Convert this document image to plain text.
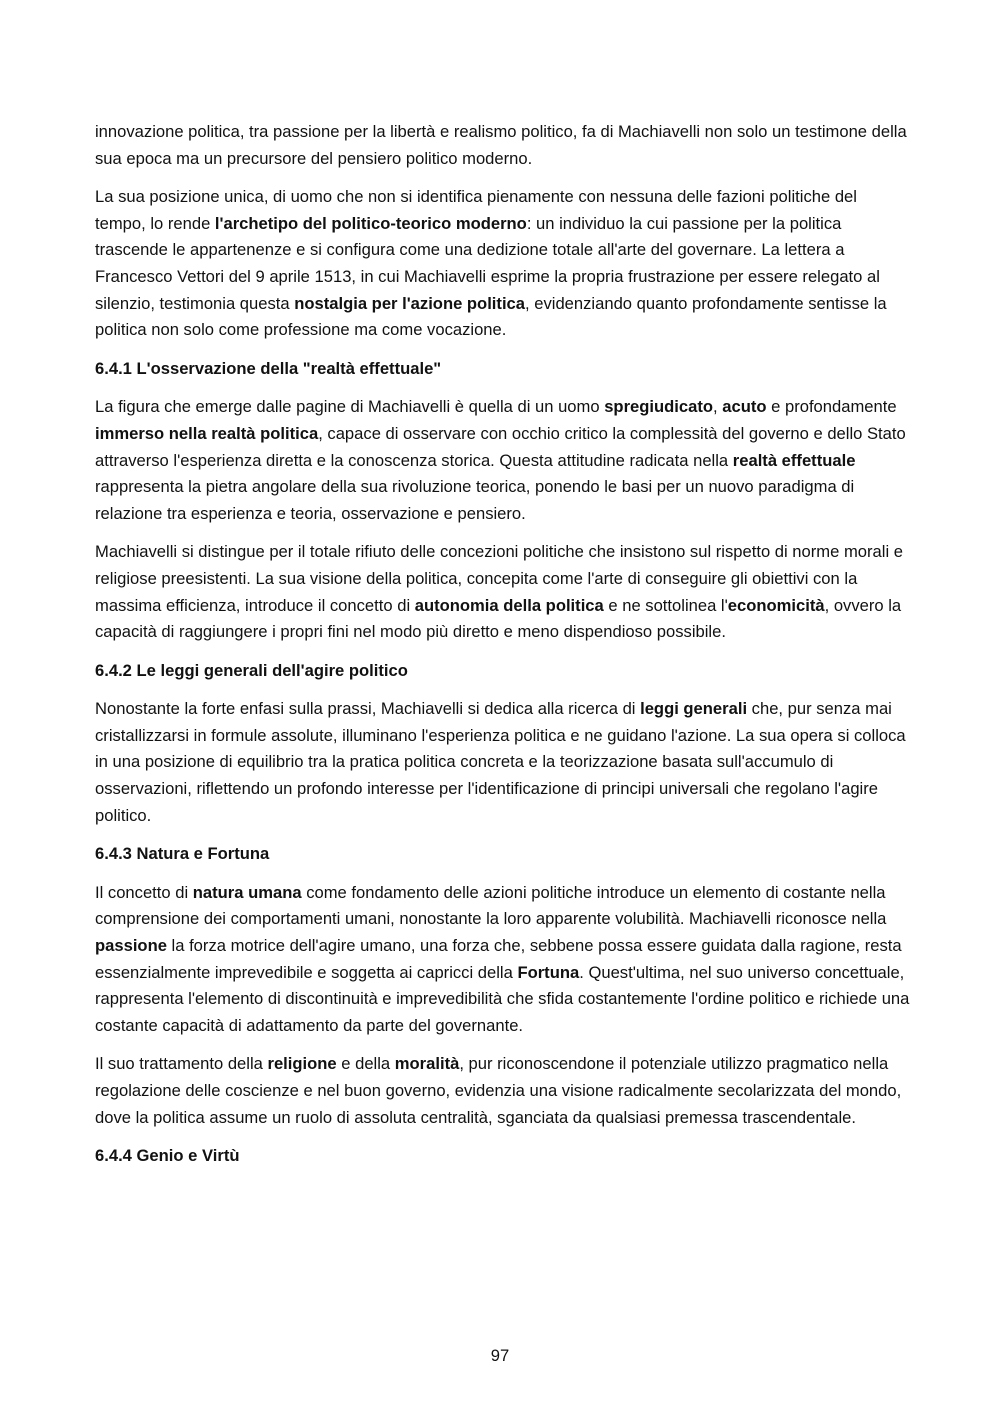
innovazione politica, tra passione per la libertà e realismo politico, fa di Machiavelli non solo un testimone della sua epoca ma un precursore del pensiero politico moderno.

La sua posizione unica, di uomo che non si identifica pienamente con nessuna delle fazioni politiche del tempo, lo rende l'archetipo del politico-teorico moderno: un individuo la cui passione per la politica trascende le appartenenze e si configura come una dedizione totale all'arte del governare. La lettera a Francesco Vettori del 9 aprile 1513, in cui Machiavelli esprime la propria frustrazione per essere relegato al silenzio, testimonia questa nostalgia per l'azione politica, evidenziando quanto profondamente sentisse la politica non solo come professione ma come vocazione.

6.4.1 L'osservazione della "realtà effettuale"

La figura che emerge dalle pagine di Machiavelli è quella di un uomo spregiudicato, acuto e profondamente immerso nella realtà politica, capace di osservare con occhio critico la complessità del governo e dello Stato attraverso l'esperienza diretta e la conoscenza storica. Questa attitudine radicata nella realtà effettuale rappresenta la pietra angolare della sua rivoluzione teorica, ponendo le basi per un nuovo paradigma di relazione tra esperienza e teoria, osservazione e pensiero.

Machiavelli si distingue per il totale rifiuto delle concezioni politiche che insistono sul rispetto di norme morali e religiose preesistenti. La sua visione della politica, concepita come l'arte di conseguire gli obiettivi con la massima efficienza, introduce il concetto di autonomia della politica e ne sottolinea l'economicità, ovvero la capacità di raggiungere i propri fini nel modo più diretto e meno dispendioso possibile.

6.4.2 Le leggi generali dell'agire politico

Nonostante la forte enfasi sulla prassi, Machiavelli si dedica alla ricerca di leggi generali che, pur senza mai cristallizzarsi in formule assolute, illuminano l'esperienza politica e ne guidano l'azione. La sua opera si colloca in una posizione di equilibrio tra la pratica politica concreta e la teorizzazione basata sull'accumulo di osservazioni, riflettendo un profondo interesse per l'identificazione di principi universali che regolano l'agire politico.

6.4.3 Natura e Fortuna

Il concetto di natura umana come fondamento delle azioni politiche introduce un elemento di costante nella comprensione dei comportamenti umani, nonostante la loro apparente volubilità. Machiavelli riconosce nella passione la forza motrice dell'agire umano, una forza che, sebbene possa essere guidata dalla ragione, resta essenzialmente imprevedibile e soggetta ai capricci della Fortuna. Quest'ultima, nel suo universo concettuale, rappresenta l'elemento di discontinuità e imprevedibilità che sfida costantemente l'ordine politico e richiede una costante capacità di adattamento da parte del governante.

Il suo trattamento della religione e della moralità, pur riconoscendone il potenziale utilizzo pragmatico nella regolazione delle coscienze e nel buon governo, evidenzia una visione radicalmente secolarizzata del mondo, dove la politica assume un ruolo di assoluta centralità, sganciata da qualsiasi premessa trascendentale.

6.4.4 Genio e Virtù
97
